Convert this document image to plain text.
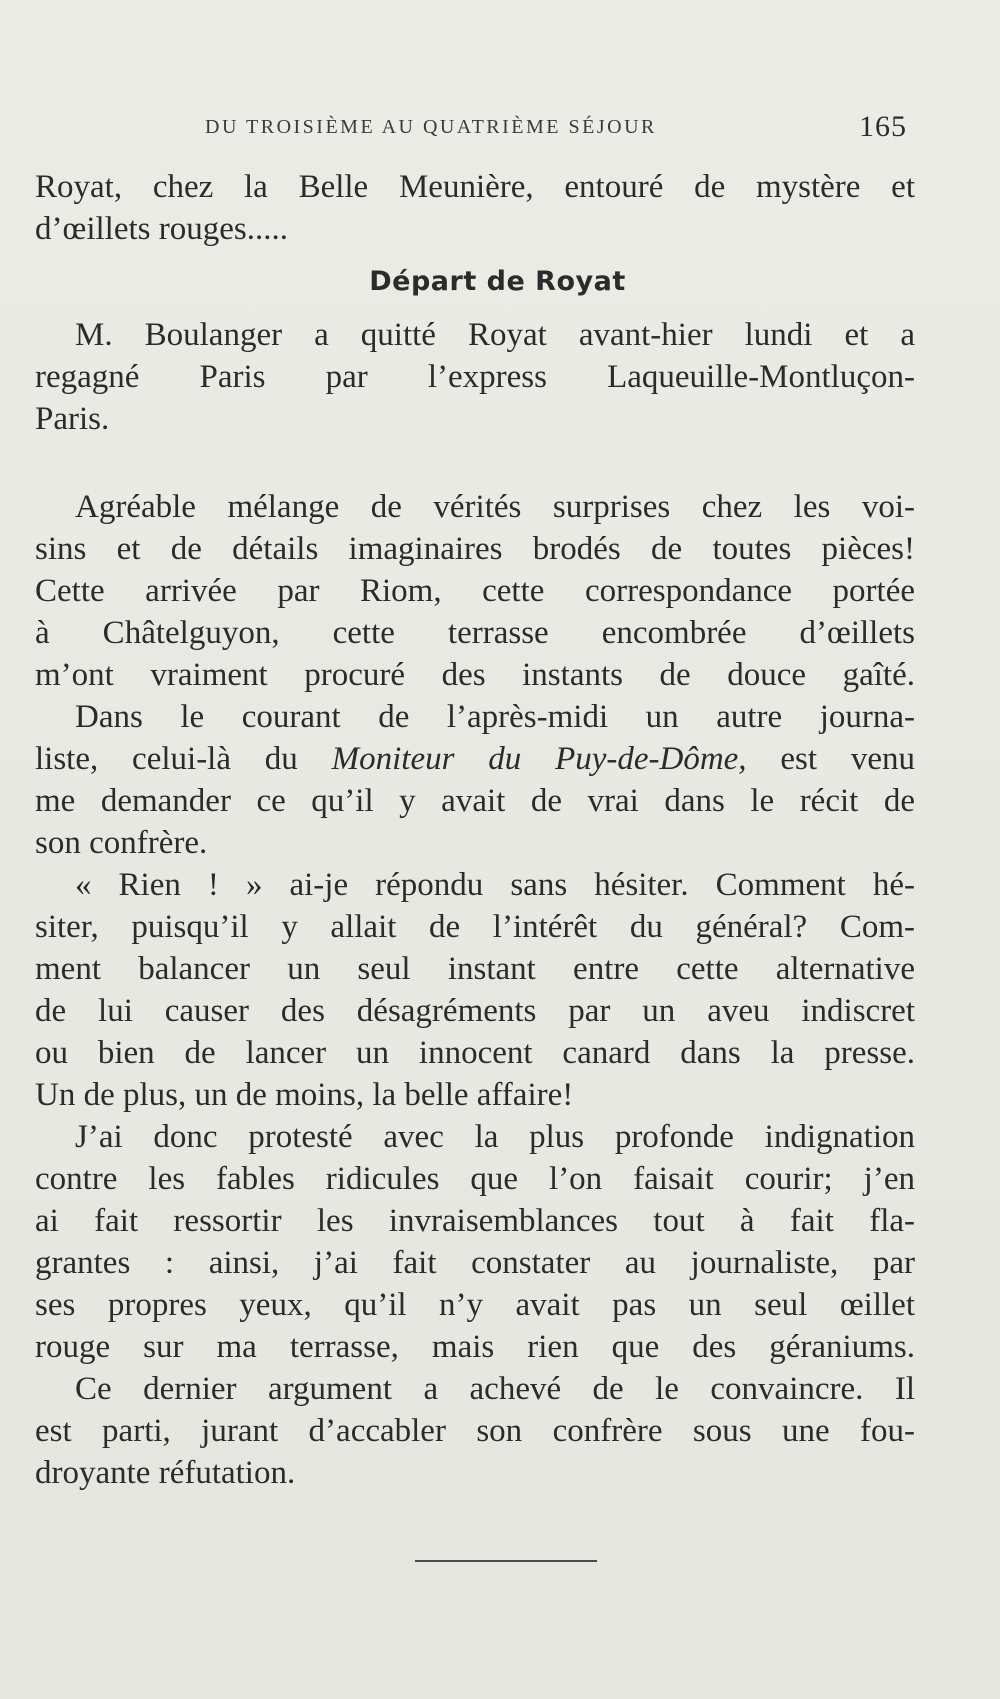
DU TROISIÈME AU QUATRIÈME SÉJOUR	165
Royat, chez la Belle Meunière, entouré de mystère et
d’œillets rouges.....
Départ de Royat
M. Boulanger a quitté Royat avant-hier lundi et a
regagné Paris par l’express Laqueuille-Montluçon-
Paris.
Agréable mélange de vérités surprises chez les voi-
sins et de détails imaginaires brodés de toutes pièces!
Cette arrivée par Riom, cette correspondance portée
à Châtelguyon, cette terrasse encombrée d’œillets
m’ont vraiment procuré des instants de douce gaîté.
Dans le courant de l’après-midi un autre journa-
liste, celui-là du Moniteur du Puy-de-Dôme, est venu
me demander ce qu’il y avait de vrai dans le récit de
son confrère.
« Rien ! » ai-je répondu sans hésiter. Comment hé-
siter, puisqu’il y allait de l’intérêt du général? Com-
ment balancer un seul instant entre cette alternative
de lui causer des désagréments par un aveu indiscret
ou bien de lancer un innocent canard dans la presse.
Un de plus, un de moins, la belle affaire!
J’ai donc protesté avec la plus profonde indignation
contre les fables ridicules que l’on faisait courir; j’en
ai fait ressortir les invraisemblances tout à fait fla-
grantes : ainsi, j’ai fait constater au journaliste, par
ses propres yeux, qu’il n’y avait pas un seul œillet
rouge sur ma terrasse, mais rien que des géraniums.
Ce dernier argument a achevé de le convaincre. Il
est parti, jurant d’accabler son confrère sous une fou-
droyante réfutation.
